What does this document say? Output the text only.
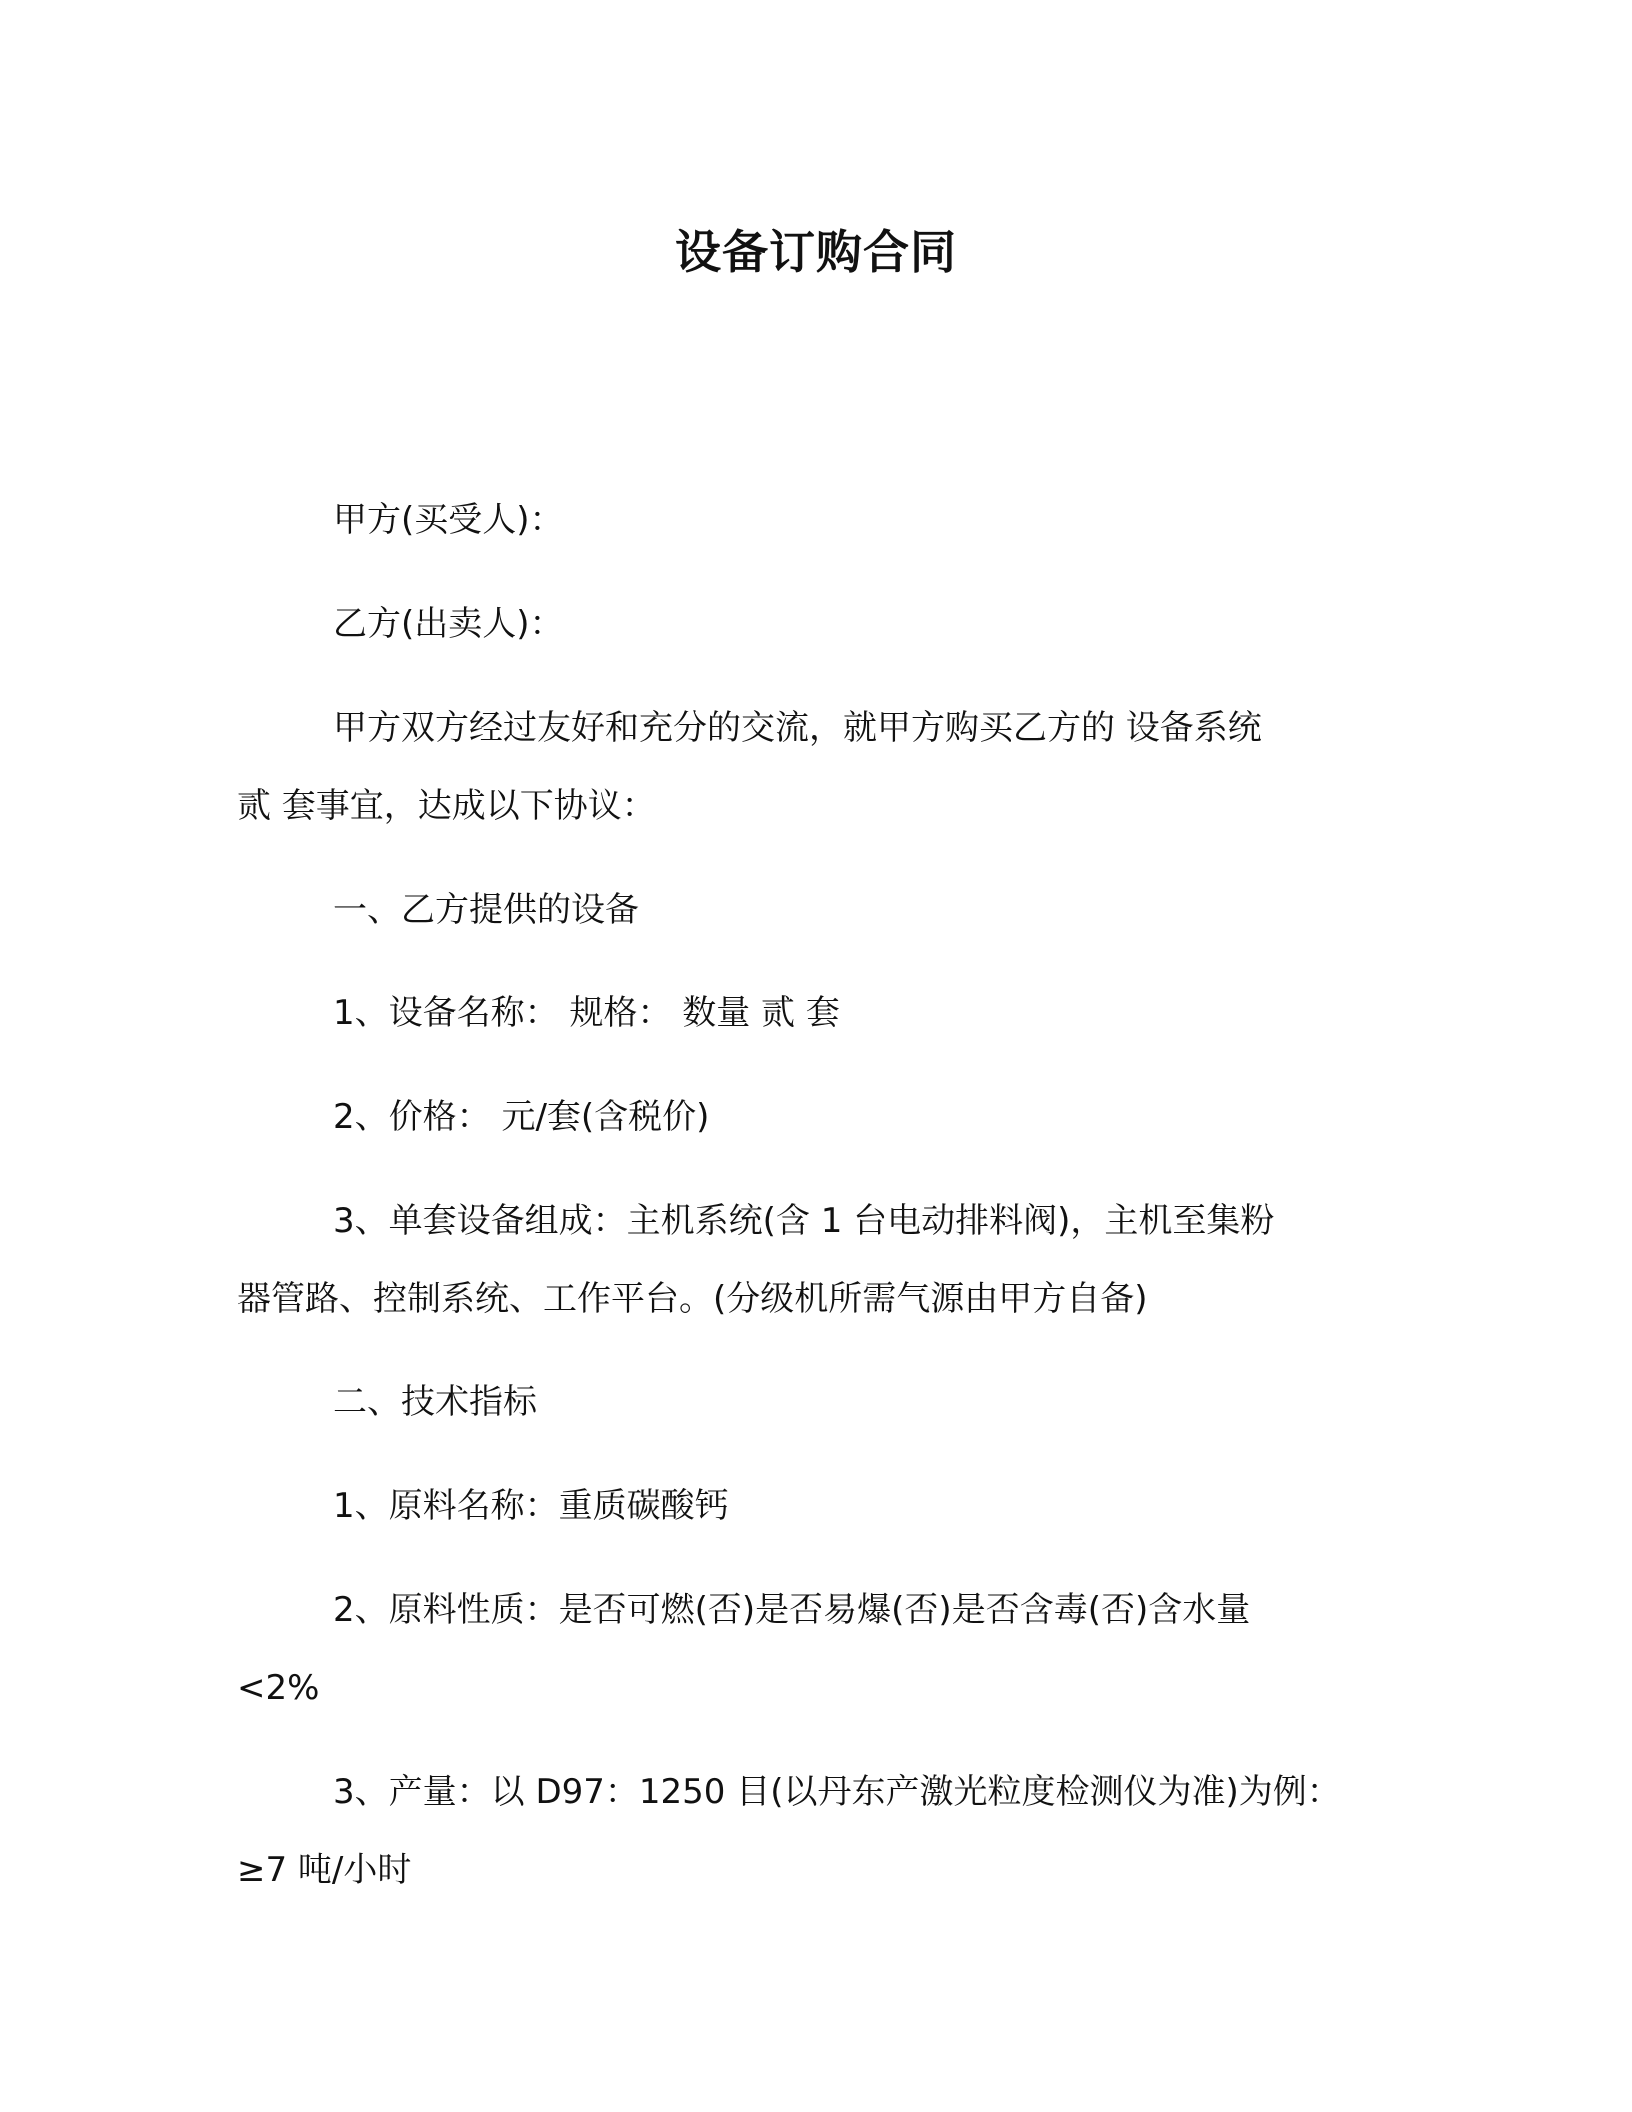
设备订购合同
甲方(买受人)：
乙方(出卖人)：
甲方双方经过友好和充分的交流，就甲方购买乙方的 设备系统
贰 套事宜，达成以下协议：
一、乙方提供的设备
1、设备名称： 规格： 数量 贰 套
2、价格： 元/套(含税价)
3、单套设备组成：主机系统(含 1 台电动排料阀)，主机至集粉
器管路、控制系统、工作平台。(分级机所需气源由甲方自备)
二、技术指标
1、原料名称：重质碳酸钙
2、原料性质：是否可燃(否)是否易爆(否)是否含毒(否)含水量
<2%
3、产量：以 D97：1250 目(以丹东产激光粒度检测仪为准)为例：
≥7 吨/小时
